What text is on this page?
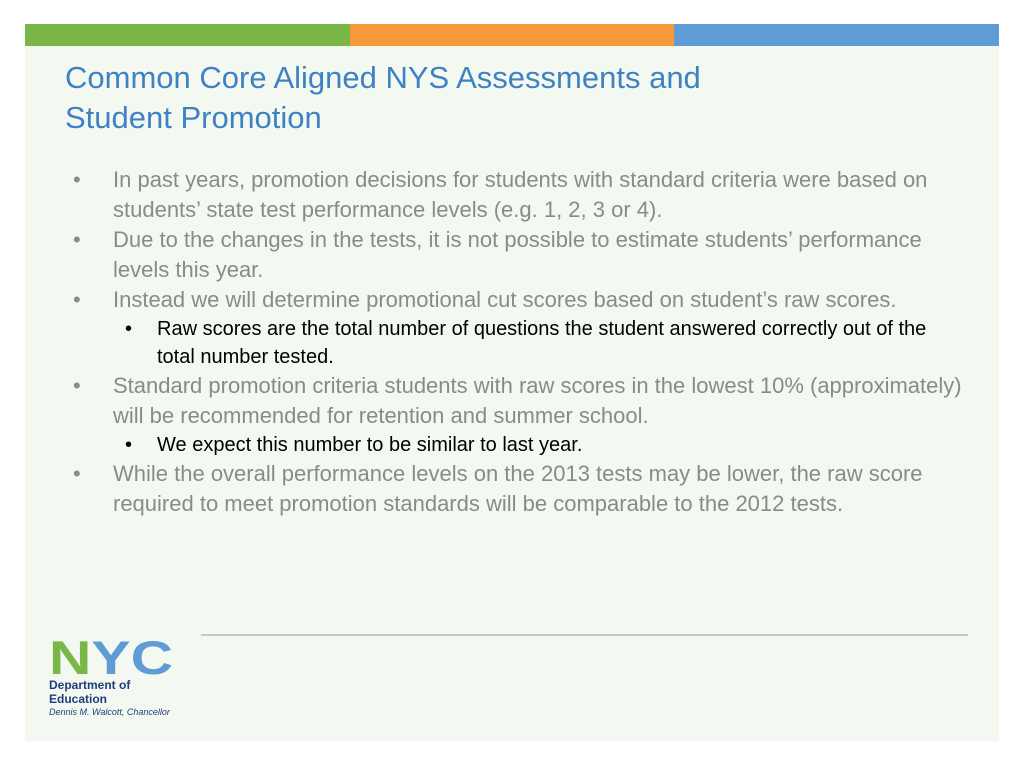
Common Core Aligned NYS Assessments and
Student Promotion
• In past years, promotion decisions for students with standard criteria were based on students’ state test performance levels (e.g. 1, 2, 3 or 4).
• Due to the changes in the tests, it is not possible to estimate students’ performance levels this year.
• Instead we will determine promotional cut scores based on student’s raw scores.
• Raw scores are the total number of questions the student answered correctly out of the total number tested.
• Standard promotion criteria students with raw scores in the lowest 10% (approximately) will be recommended for retention and summer school.
• We expect this number to be similar to last year.
• While the overall performance levels on the 2013 tests may be lower, the raw score required to meet promotion standards will be comparable to the 2012 tests.
N Y C
Department of
Education
Dennis M. Walcott, Chancellor
